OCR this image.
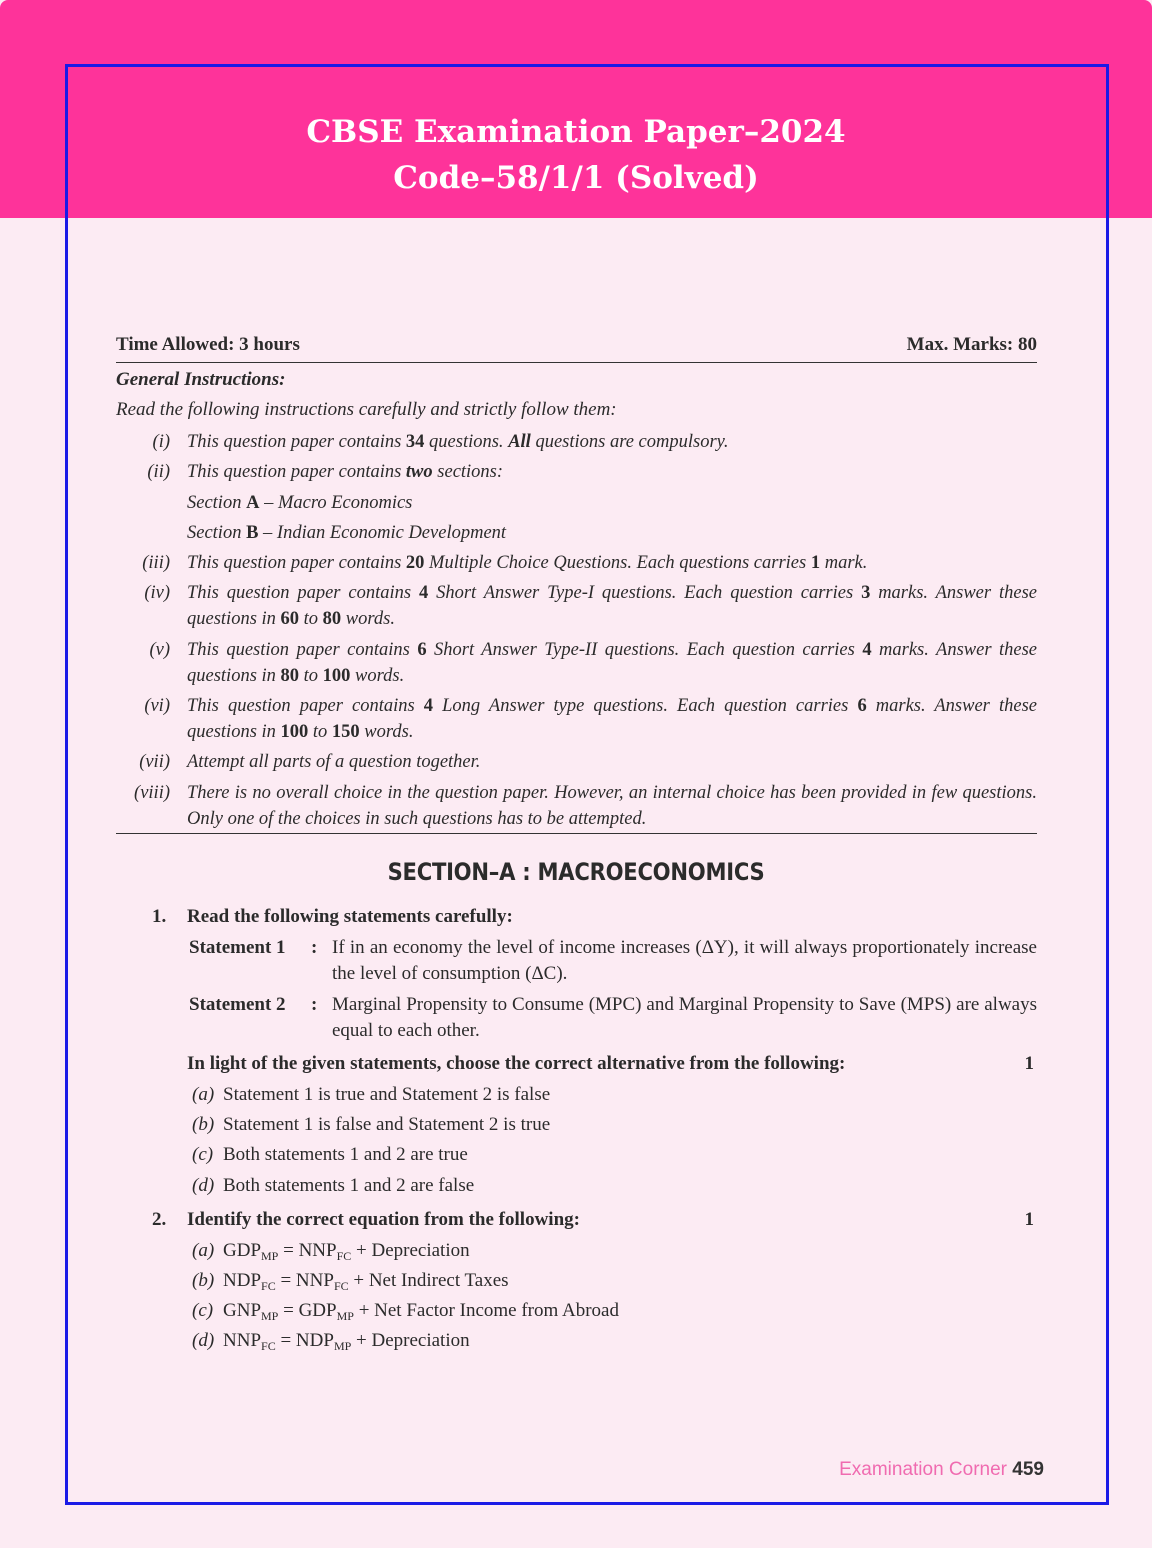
CBSE Examination Paper–2024
Code–58/1/1 (Solved)
Time Allowed: 3 hours	Max. Marks: 80
General Instructions:
Read the following instructions carefully and strictly follow them:
(i) This question paper contains 34 questions. All questions are compulsory.
(ii) This question paper contains two sections:
Section A – Macro Economics
Section B – Indian Economic Development
(iii) This question paper contains 20 Multiple Choice Questions. Each questions carries 1 mark.
(iv) This question paper contains 4 Short Answer Type-I questions. Each question carries 3 marks. Answer these questions in 60 to 80 words.
(v) This question paper contains 6 Short Answer Type-II questions. Each question carries 4 marks. Answer these questions in 80 to 100 words.
(vi) This question paper contains 4 Long Answer type questions. Each question carries 6 marks. Answer these questions in 100 to 150 words.
(vii) Attempt all parts of a question together.
(viii) There is no overall choice in the question paper. However, an internal choice has been provided in few questions. Only one of the choices in such questions has to be attempted.
SECTION–A : MACROECONOMICS
1. Read the following statements carefully:
Statement 1 : If in an economy the level of income increases (ΔY), it will always proportionately increase the level of consumption (ΔC).
Statement 2 : Marginal Propensity to Consume (MPC) and Marginal Propensity to Save (MPS) are always equal to each other.
In light of the given statements, choose the correct alternative from the following:	1
(a) Statement 1 is true and Statement 2 is false
(b) Statement 1 is false and Statement 2 is true
(c) Both statements 1 and 2 are true
(d) Both statements 1 and 2 are false
2. Identify the correct equation from the following:	1
(a) $GDP_{MP} = NNP_{FC}$ + Depreciation
(b) $NDP_{FC} = NNP_{FC}$ + Net Indirect Taxes
(c) $GNP_{MP} = GDP_{MP}$ + Net Factor Income from Abroad
(d) $NNP_{FC} = NDP_{MP}$ + Depreciation
Examination Corner 459
